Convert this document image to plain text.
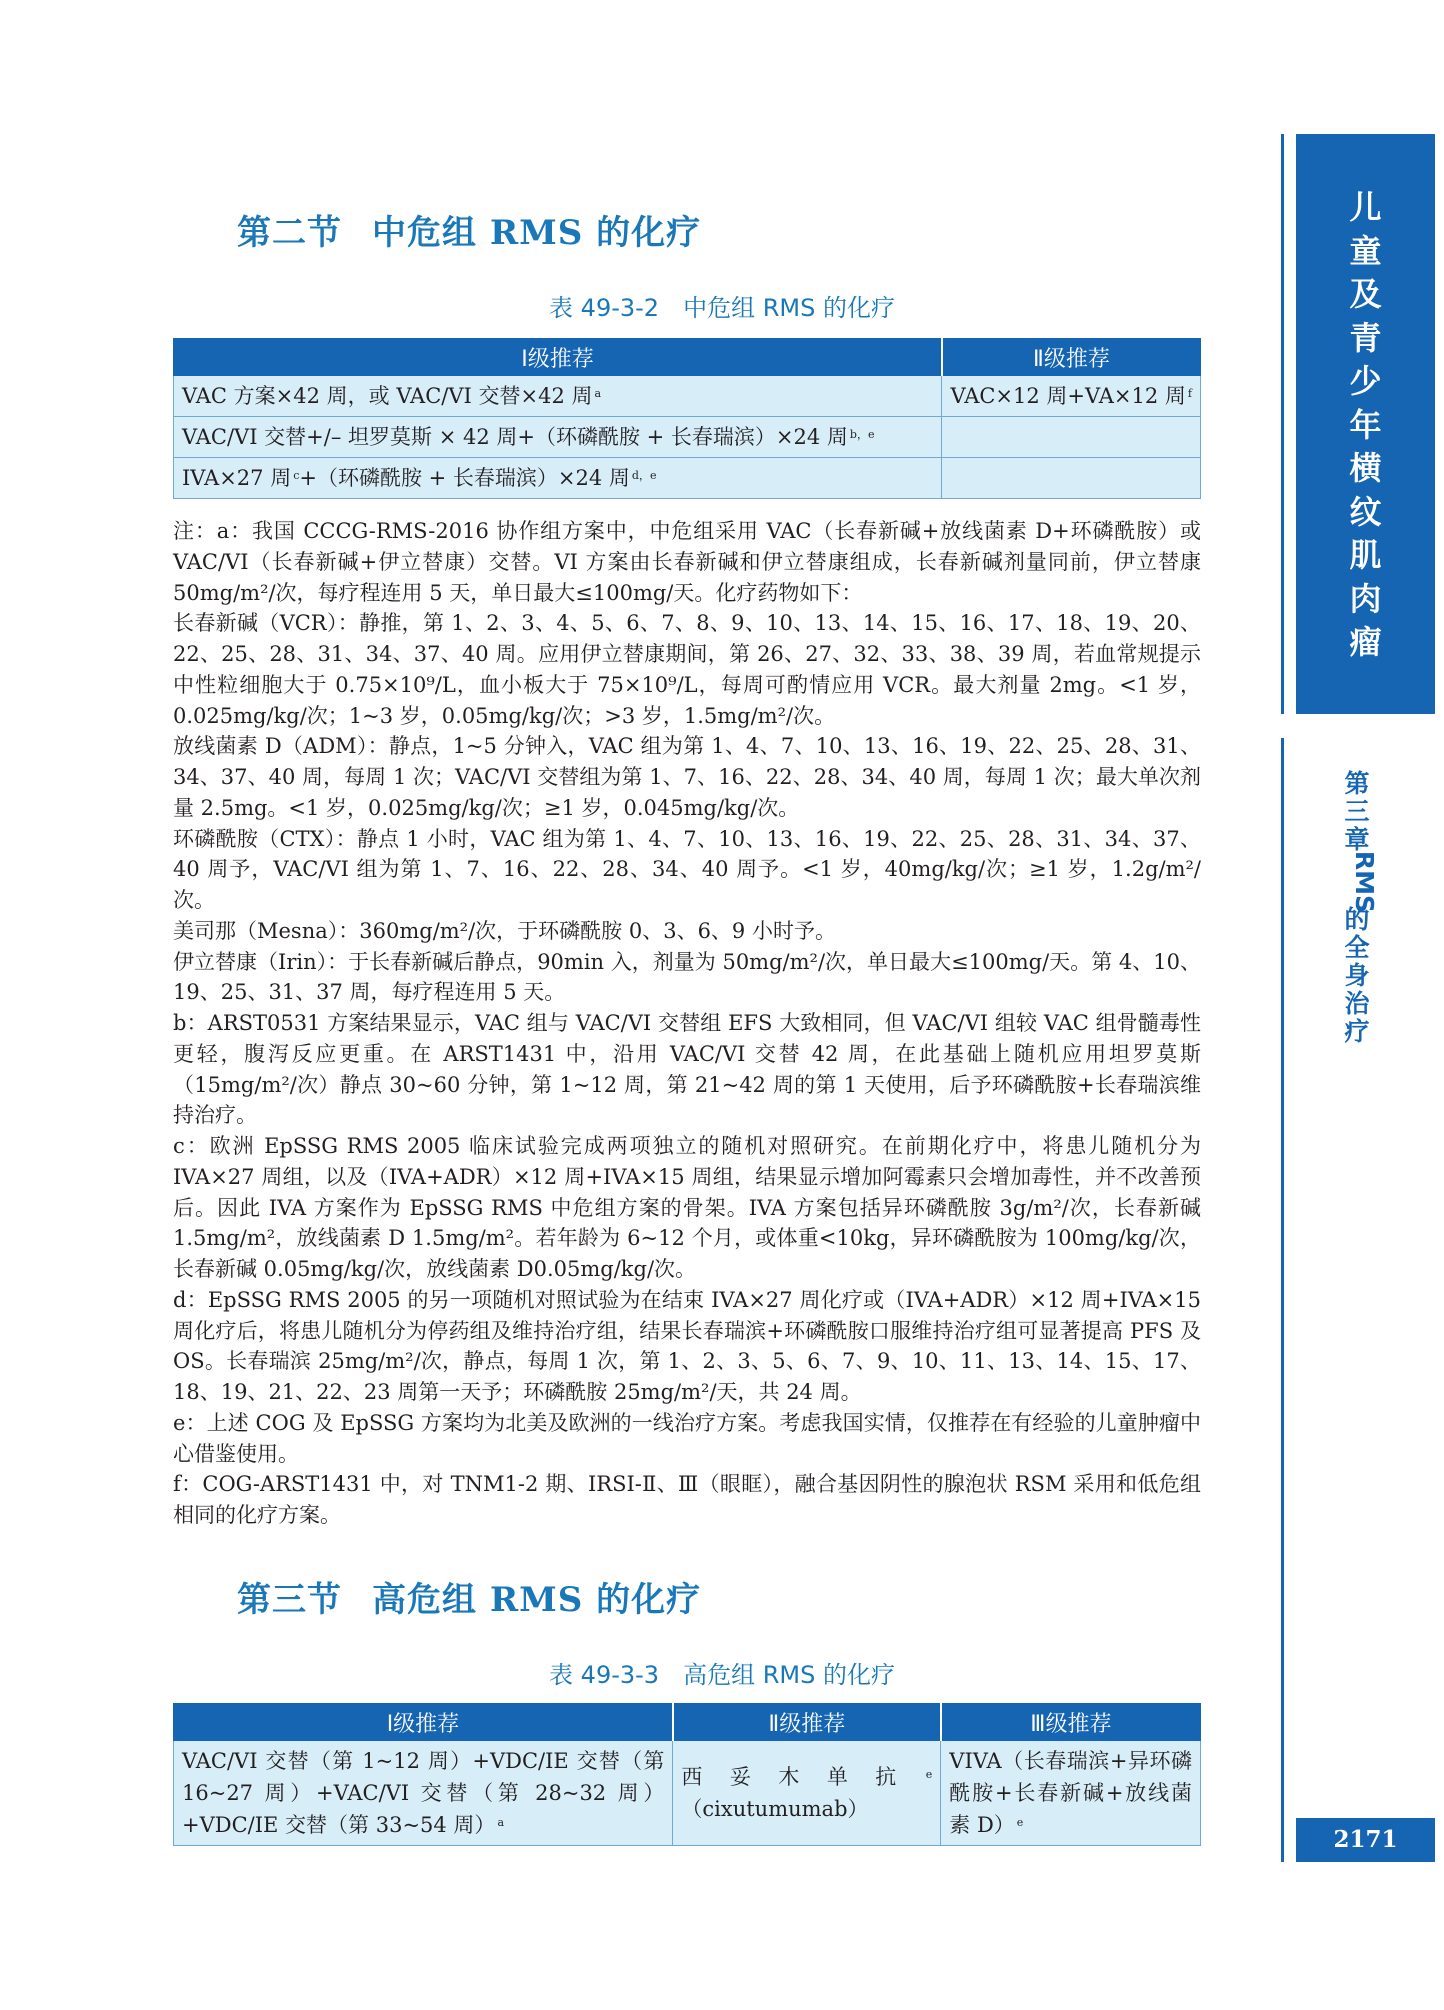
第二节 中危组 RMS 的化疗
表 49-3-2　中危组 RMS 的化疗
Ⅰ级推荐	Ⅱ级推荐
VAC 方案×42 周，或 VAC/VI 交替×42 周 $^a$	VAC×12 周+VA×12 周 $^f$
VAC/VI 交替+/– 坦罗莫斯 × 42 周+（环磷酰胺 + 长春瑞滨）×24 周 $^{b,e}$	
IVA×27 周 $^c$+（环磷酰胺 + 长春瑞滨）×24 周 $^{d,e}$	

注：a：我国 CCCG-RMS-2016 协作组方案中，中危组采用 VAC（长春新碱+放线菌素 D+环磷酰胺）或 VAC/VI（长春新碱+伊立替康）交替。VI 方案由长春新碱和伊立替康组成，长春新碱剂量同前，伊立替康 50mg/m²/次，每疗程连用 5 天，单日最大≤100mg/天。化疗药物如下：

长春新碱（VCR）：静推，第 1、2、3、4、5、6、7、8、9、10、13、14、15、16、17、18、19、20、22、25、28、31、34、37、40 周。应用伊立替康期间，第 26、27、32、33、38、39 周，若血常规提示中性粒细胞大于 0.75×10⁹/L，血小板大于 75×10⁹/L，每周可酌情应用 VCR。最大剂量 2mg。<1 岁，0.025mg/kg/次；1~3 岁，0.05mg/kg/次；>3 岁，1.5mg/m²/次。

放线菌素 D（ADM）：静点，1~5 分钟入，VAC 组为第 1、4、7、10、13、16、19、22、25、28、31、34、37、40 周，每周 1 次；VAC/VI 交替组为第 1、7、16、22、28、34、40 周，每周 1 次；最大单次剂量 2.5mg。<1 岁，0.025mg/kg/次；≥1 岁，0.045mg/kg/次。

环磷酰胺（CTX）：静点 1 小时，VAC 组为第 1、4、7、10、13、16、19、22、25、28、31、34、37、40 周予，VAC/VI 组为第 1、7、16、22、28、34、40 周予。<1 岁，40mg/kg/次；≥1 岁，1.2g/m²/次。

美司那（Mesna）：360mg/m²/次，于环磷酰胺 0、3、6、9 小时予。

伊立替康（Irin）：于长春新碱后静点，90min 入，剂量为 50mg/m²/次，单日最大≤100mg/天。第 4、10、19、25、31、37 周，每疗程连用 5 天。

b：ARST0531 方案结果显示，VAC 组与 VAC/VI 交替组 EFS 大致相同，但 VAC/VI 组较 VAC 组骨髓毒性更轻，腹泻反应更重。在 ARST1431 中，沿用 VAC/VI 交替 42 周，在此基础上随机应用坦罗莫斯（15mg/m²/次）静点 30~60 分钟，第 1~12 周，第 21~42 周的第 1 天使用，后予环磷酰胺+长春瑞滨维持治疗。

c：欧洲 EpSSG RMS 2005 临床试验完成两项独立的随机对照研究。在前期化疗中，将患儿随机分为 IVA×27 周组，以及（IVA+ADR）×12 周+IVA×15 周组，结果显示增加阿霉素只会增加毒性，并不改善预后。因此 IVA 方案作为 EpSSG RMS 中危组方案的骨架。IVA 方案包括异环磷酰胺 3g/m²/次，长春新碱 1.5mg/m²，放线菌素 D 1.5mg/m²。若年龄为 6~12 个月，或体重<10kg，异环磷酰胺为 100mg/kg/次，长春新碱 0.05mg/kg/次，放线菌素 D0.05mg/kg/次。

d：EpSSG RMS 2005 的另一项随机对照试验为在结束 IVA×27 周化疗或（IVA+ADR）×12 周+IVA×15 周化疗后，将患儿随机分为停药组及维持治疗组，结果长春瑞滨+环磷酰胺口服维持治疗组可显著提高 PFS 及 OS。长春瑞滨 25mg/m²/次，静点，每周 1 次，第 1、2、3、5、6、7、9、10、11、13、14、15、17、18、19、21、22、23 周第一天予；环磷酰胺 25mg/m²/天，共 24 周。

e：上述 COG 及 EpSSG 方案均为北美及欧洲的一线治疗方案。考虑我国实情，仅推荐在有经验的儿童肿瘤中心借鉴使用。

f：COG-ARST1431 中，对 TNM1-2 期、IRSI-Ⅱ、Ⅲ（眼眶），融合基因阴性的腺泡状 RSM 采用和低危组相同的化疗方案。

第三节 高危组 RMS 的化疗
表 49-3-3　高危组 RMS 的化疗
Ⅰ级推荐	Ⅱ级推荐	Ⅲ级推荐
VAC/VI 交替（第 1~12 周）+VDC/IE 交替（第 16~27 周）+VAC/VI 交替（第 28~32 周）+VDC/IE 交替（第 33~54 周） $^a$	西妥木单抗 $^e$（cixutumumab）	VIVA（长春瑞滨+异环磷酰胺+长春新碱+放线菌素 D） $^e$
儿
童
及
青
少
年
横
纹
肌
肉
瘤
第
三
章
RMS
的
全
身
治
疗
2171
